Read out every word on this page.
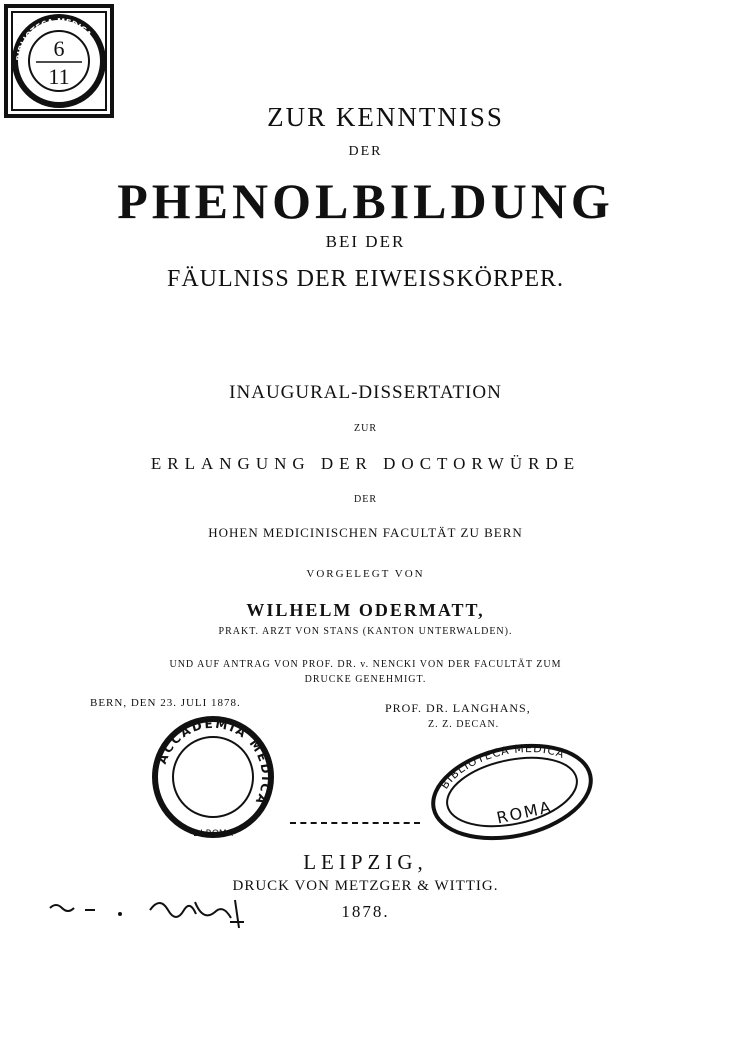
BIBLIOTECA MEDICA
6
11
ZUR KENNTNISS
DER
PHENOLBILDUNG
BEI DER
FÄULNISS DER EIWEISSKÖRPER.
INAUGURAL-DISSERTATION
ZUR
ERLANGUNG DER DOCTORWÜRDE
DER
HOHEN MEDICINISCHEN FACULTÄT ZU BERN
VORGELEGT VON
WILHELM ODERMATT,
PRAKT. ARZT VON STANS (KANTON UNTERWALDEN).
UND AUF ANTRAG VON PROF. DR. v. NENCKI VON DER FACULTÄT ZUM
DRUCKE GENEHMIGT.
BERN, DEN 23. JULI 1878.	PROF. DR. LANGHANS,
Z. Z. DECAN.
ACCADEMIA MEDICA
DI ROMA
BIBLIOTECA MEDICA
ROMA
LEIPZIG,
DRUCK VON METZGER & WITTIG.
1878.
